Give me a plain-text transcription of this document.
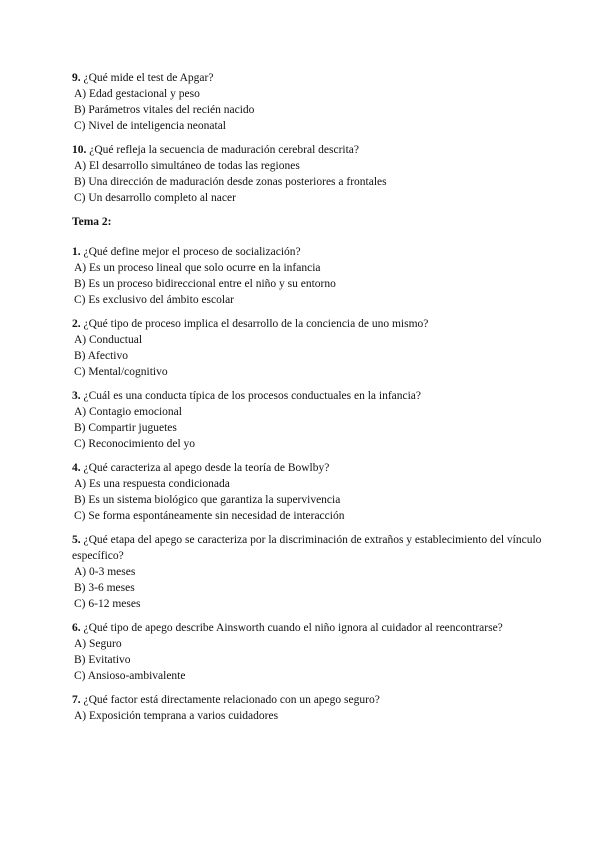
9. ¿Qué mide el test de Apgar?

A) Edad gestacional y peso

B) Parámetros vitales del recién nacido

C) Nivel de inteligencia neonatal

10. ¿Qué refleja la secuencia de maduración cerebral descrita?

A) El desarrollo simultáneo de todas las regiones

B) Una dirección de maduración desde zonas posteriores a frontales

C) Un desarrollo completo al nacer

Tema 2:

1. ¿Qué define mejor el proceso de socialización?

A) Es un proceso lineal que solo ocurre en la infancia

B) Es un proceso bidireccional entre el niño y su entorno

C) Es exclusivo del ámbito escolar

2. ¿Qué tipo de proceso implica el desarrollo de la conciencia de uno mismo?

A) Conductual

B) Afectivo

C) Mental/cognitivo

3. ¿Cuál es una conducta típica de los procesos conductuales en la infancia?

A) Contagio emocional

B) Compartir juguetes

C) Reconocimiento del yo

4. ¿Qué caracteriza al apego desde la teoría de Bowlby?

A) Es una respuesta condicionada

B) Es un sistema biológico que garantiza la supervivencia

C) Se forma espontáneamente sin necesidad de interacción

5. ¿Qué etapa del apego se caracteriza por la discriminación de extraños y establecimiento del vínculo específico?

A) 0-3 meses

B) 3-6 meses

C) 6-12 meses

6. ¿Qué tipo de apego describe Ainsworth cuando el niño ignora al cuidador al reencontrarse?

A) Seguro

B) Evitativo

C) Ansioso-ambivalente

7. ¿Qué factor está directamente relacionado con un apego seguro?

A) Exposición temprana a varios cuidadores
